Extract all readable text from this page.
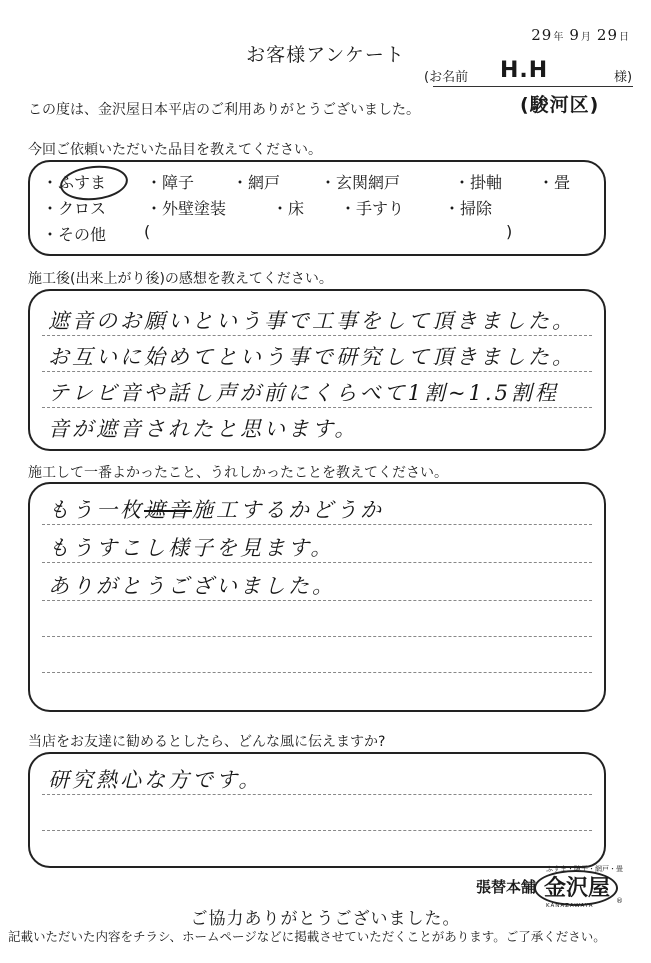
お客様アンケート
29年 9月 29日
(お名前 H.H	様)
(駿河区)
この度は、金沢屋日本平店のご利用ありがとうございました。
今回ご依頼いただいた品目を教えてください。
・ふすま ・障子 ・網戸 ・玄関網戸	・掛軸 ・畳
・クロス ・外壁塗装	・床 ・手すり ・掃除
・その他 (	)
施工後(出来上がり後)の感想を教えてください。
遮音のお願いという事で工事をして頂きました。
お互いに始めてという事で研究して頂きました。
テレビ音や話し声が前にくらべて1割~1.5割程
音が遮音されたと思います。
施工して一番よかったこと、うれしかったことを教えてください。
もう一枚遮音施工するかどうか
もうすこし様子を見ます。
ありがとうございました。
当店をお友達に勧めるとしたら、どんな風に伝えますか?
研究熱心な方です。
ふすま・障子・網戸・畳
張替本舗 金沢屋
KANAZAWAYA
®
ご協力ありがとうございました。
記載いただいた内容をチラシ、ホームページなどに掲載させていただくことがあります。ご了承ください。
